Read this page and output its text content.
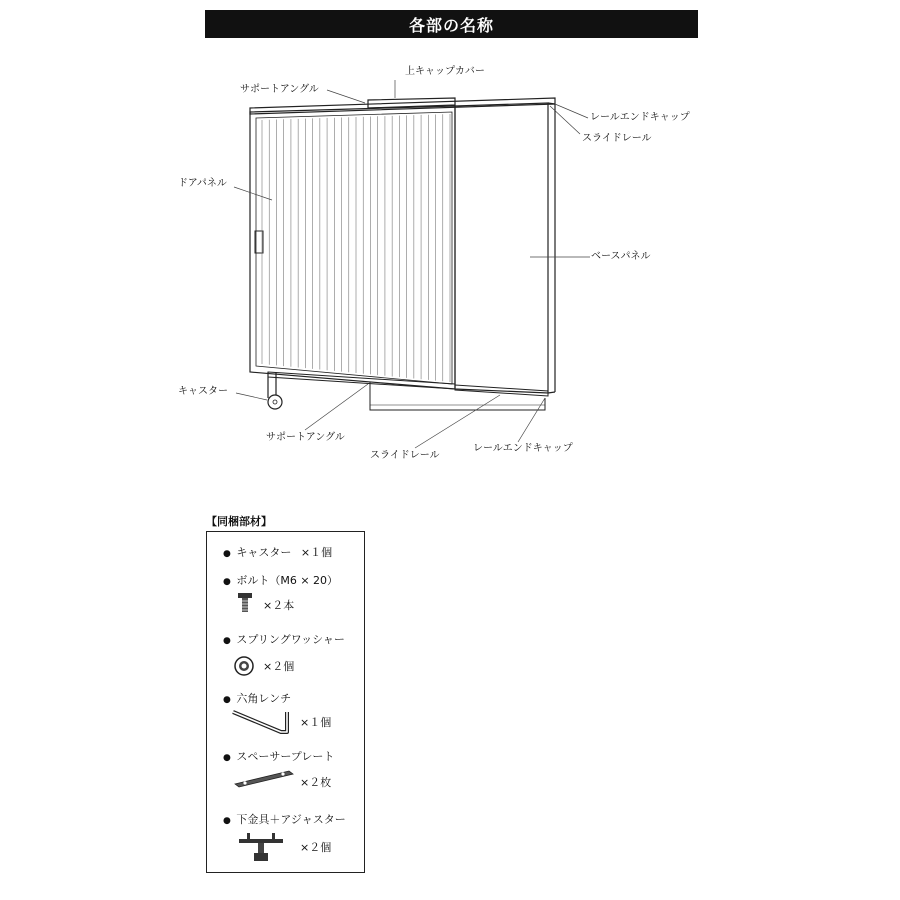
各部の名称
サポートアングル
上キャップカバー
レールエンドキャップ
スライドレール
ドアパネル
ベースパネル
キャスター
サポートアングル
スライドレール
レールエンドキャップ
【同梱部材】
● キャスター ×１個
● ボルト（M6 × 20）
×２本
● スプリングワッシャー
×２個
● 六角レンチ
×１個
● スペーサープレート
×２枚
● 下金具＋アジャスター
×２個
